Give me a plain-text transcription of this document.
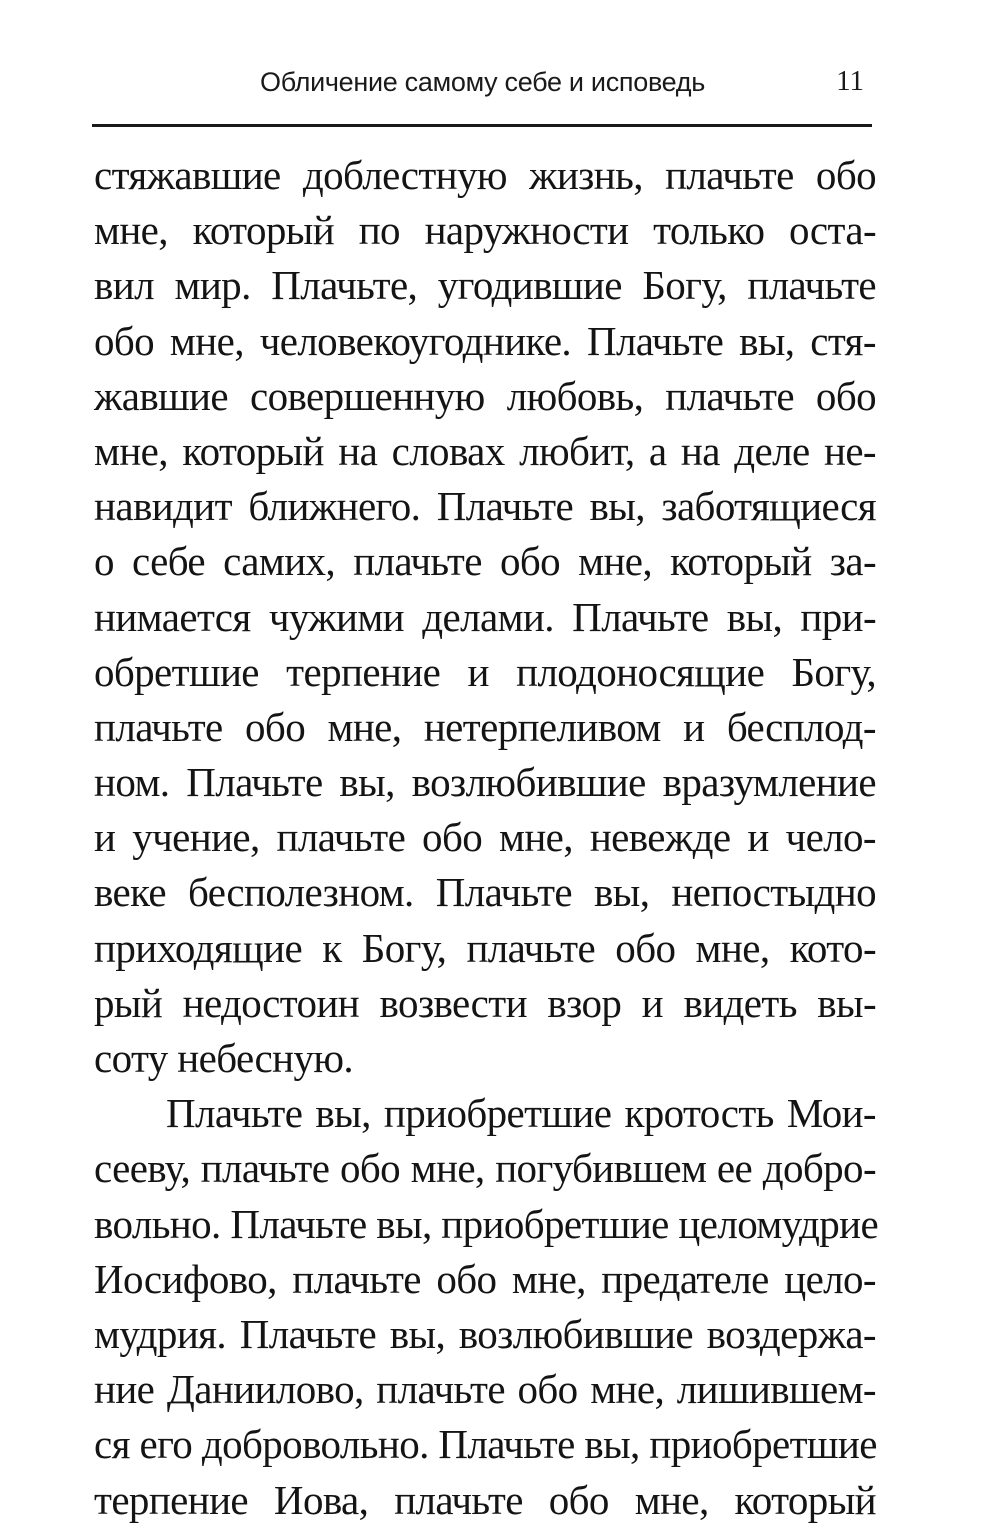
Обличение самому себе и исповедь	11
стяжавшие доблестную жизнь, плачьте обо
мне, который по наружности только оста-
вил мир. Плачьте, угодившие Богу, плачьте
обо мне, человекоугоднике. Плачьте вы, стя-
жавшие совершенную любовь, плачьте обо
мне, который на словах любит, а на деле не-
навидит ближнего. Плачьте вы, заботящиеся
о себе самих, плачьте обо мне, который за-
нимается чужими делами. Плачьте вы, при-
обретшие терпение и плодоносящие Богу,
плачьте обо мне, нетерпеливом и бесплод-
ном. Плачьте вы, возлюбившие вразумление
и учение, плачьте обо мне, невежде и чело-
веке бесполезном. Плачьте вы, непостыдно
приходящие к Богу, плачьте обо мне, кото-
рый недостоин возвести взор и видеть вы-
соту небесную.
Плачьте вы, приобретшие кротость Мои-
сееву, плачьте обо мне, погубившем ее добро-
вольно. Плачьте вы, приобретшие целомудрие
Иосифово, плачьте обо мне, предателе цело-
мудрия. Плачьте вы, возлюбившие воздержа-
ние Даниилово, плачьте обо мне, лишившем-
ся его добровольно. Плачьте вы, приобретшие
терпение Иова, плачьте обо мне, который
